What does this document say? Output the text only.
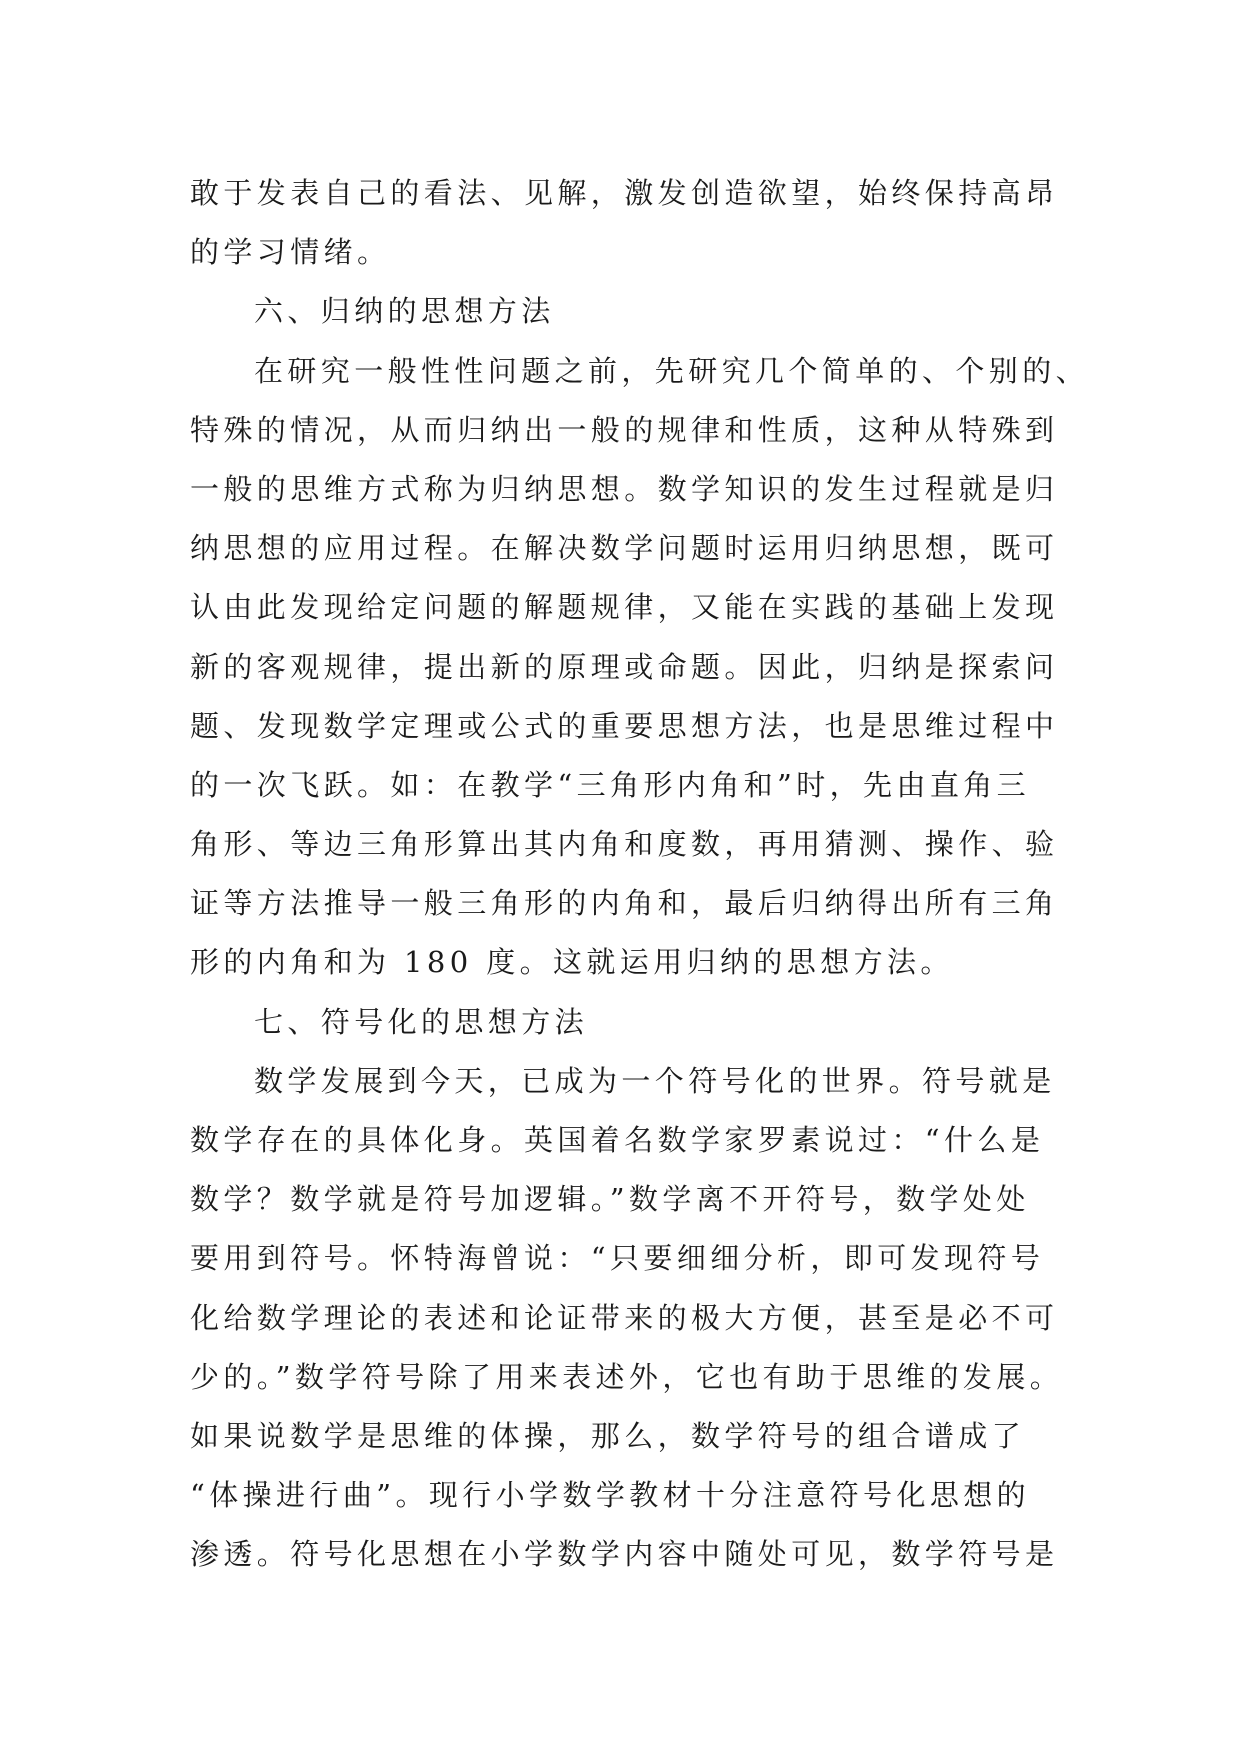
敢于发表自己的看法、见解，激发创造欲望，始终保持高昂
的学习情绪。
六、归纳的思想方法
在研究一般性性问题之前，先研究几个简单的、个别的、
特殊的情况，从而归纳出一般的规律和性质，这种从特殊到
一般的思维方式称为归纳思想。数学知识的发生过程就是归
纳思想的应用过程。在解决数学问题时运用归纳思想，既可
认由此发现给定问题的解题规律，又能在实践的基础上发现
新的客观规律，提出新的原理或命题。因此，归纳是探索问
题、发现数学定理或公式的重要思想方法，也是思维过程中
的一次飞跃。如：在教学“三角形内角和”时，先由直角三
角形、等边三角形算出其内角和度数，再用猜测、操作、验
证等方法推导一般三角形的内角和，最后归纳得出所有三角
形的内角和为 180 度。这就运用归纳的思想方法。
七、符号化的思想方法
数学发展到今天，已成为一个符号化的世界。符号就是
数学存在的具体化身。英国着名数学家罗素说过：“什么是
数学？数学就是符号加逻辑。”数学离不开符号，数学处处
要用到符号。怀特海曾说：“只要细细分析，即可发现符号
化给数学理论的表述和论证带来的极大方便，甚至是必不可
少的。”数学符号除了用来表述外，它也有助于思维的发展。
如果说数学是思维的体操，那么，数学符号的组合谱成了
“体操进行曲”。现行小学数学教材十分注意符号化思想的
渗透。符号化思想在小学数学内容中随处可见，数学符号是
